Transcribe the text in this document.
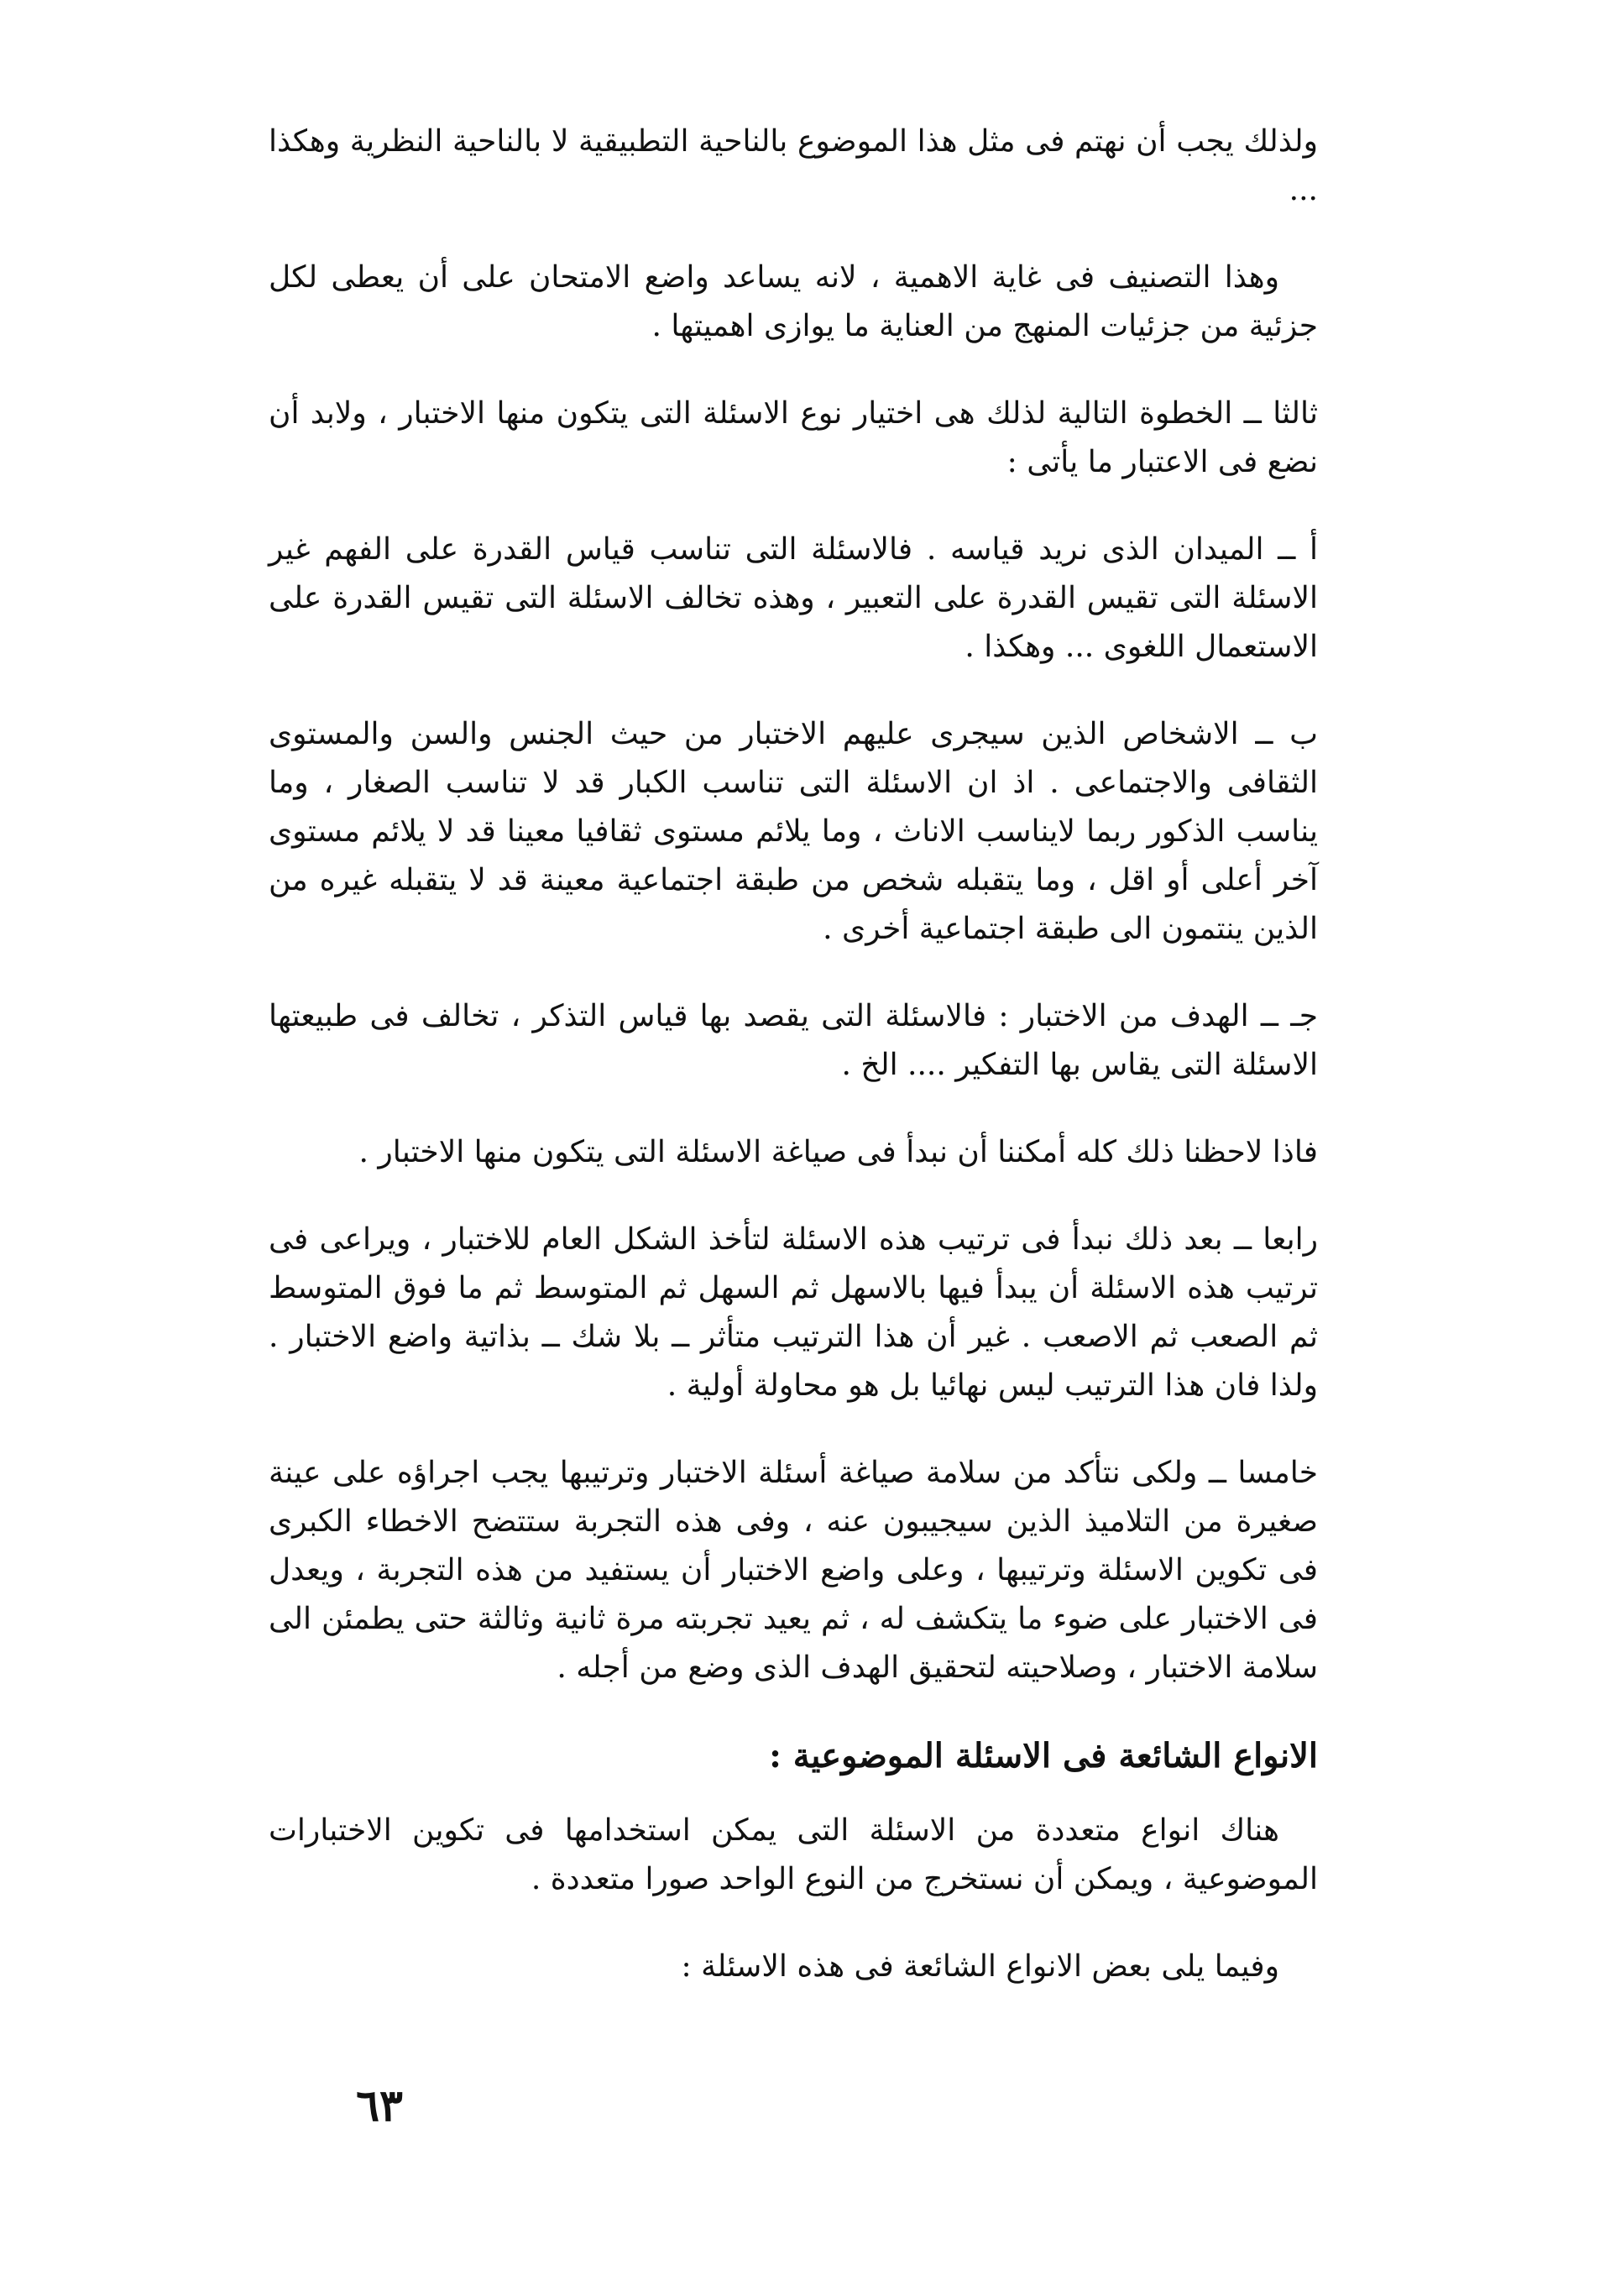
ولذلك يجب أن نهتم فى مثل هذا الموضوع بالناحية التطبيقية لا بالناحية النظرية وهكذا ...

وهذا التصنيف فى غاية الاهمية ، لانه يساعد واضع الامتحان على أن يعطى لكل جزئية من جزئيات المنهج من العناية ما يوازى اهميتها .

ثالثا ــ الخطوة التالية لذلك هى اختيار نوع الاسئلة التى يتكون منها الاختبار ، ولابد أن نضع فى الاعتبار ما يأتى :

أ ــ الميدان الذى نريد قياسه . فالاسئلة التى تناسب قياس القدرة على الفهم غير الاسئلة التى تقيس القدرة على التعبير ، وهذه تخالف الاسئلة التى تقيس القدرة على الاستعمال اللغوى ... وهكذا .

ب ــ الاشخاص الذين سيجرى عليهم الاختبار من حيث الجنس والسن والمستوى الثقافى والاجتماعى . اذ ان الاسئلة التى تناسب الكبار قد لا تناسب الصغار ، وما يناسب الذكور ربما لايناسب الاناث ، وما يلائم مستوى ثقافيا معينا قد لا يلائم مستوى آخر أعلى أو اقل ، وما يتقبله شخص من طبقة اجتماعية معينة قد لا يتقبله غيره من الذين ينتمون الى طبقة اجتماعية أخرى .

جـ ــ الهدف من الاختبار : فالاسئلة التى يقصد بها قياس التذكر ، تخالف فى طبيعتها الاسئلة التى يقاس بها التفكير .... الخ .

فاذا لاحظنا ذلك كله أمكننا أن نبدأ فى صياغة الاسئلة التى يتكون منها الاختبار .

رابعا ــ بعد ذلك نبدأ فى ترتيب هذه الاسئلة لتأخذ الشكل العام للاختبار ، ويراعى فى ترتيب هذه الاسئلة أن يبدأ فيها بالاسهل ثم السهل ثم المتوسط ثم ما فوق المتوسط ثم الصعب ثم الاصعب . غير أن هذا الترتيب متأثر ــ بلا شك ــ بذاتية واضع الاختبار . ولذا فان هذا الترتيب ليس نهائيا بل هو محاولة أولية .

خامسا ــ ولكى نتأكد من سلامة صياغة أسئلة الاختبار وترتيبها يجب اجراؤه على عينة صغيرة من التلاميذ الذين سيجيبون عنه ، وفى هذه التجربة ستتضح الاخطاء الكبرى فى تكوين الاسئلة وترتيبها ، وعلى واضع الاختبار أن يستفيد من هذه التجربة ، ويعدل فى الاختبار على ضوء ما يتكشف له ، ثم يعيد تجربته مرة ثانية وثالثة حتى يطمئن الى سلامة الاختبار ، وصلاحيته لتحقيق الهدف الذى وضع من أجله .

الانواع الشائعة فى الاسئلة الموضوعية :

هناك انواع متعددة من الاسئلة التى يمكن استخدامها فى تكوين الاختبارات الموضوعية ، ويمكن أن نستخرج من النوع الواحد صورا متعددة .

وفيما يلى بعض الانواع الشائعة فى هذه الاسئلة :

٦٣
